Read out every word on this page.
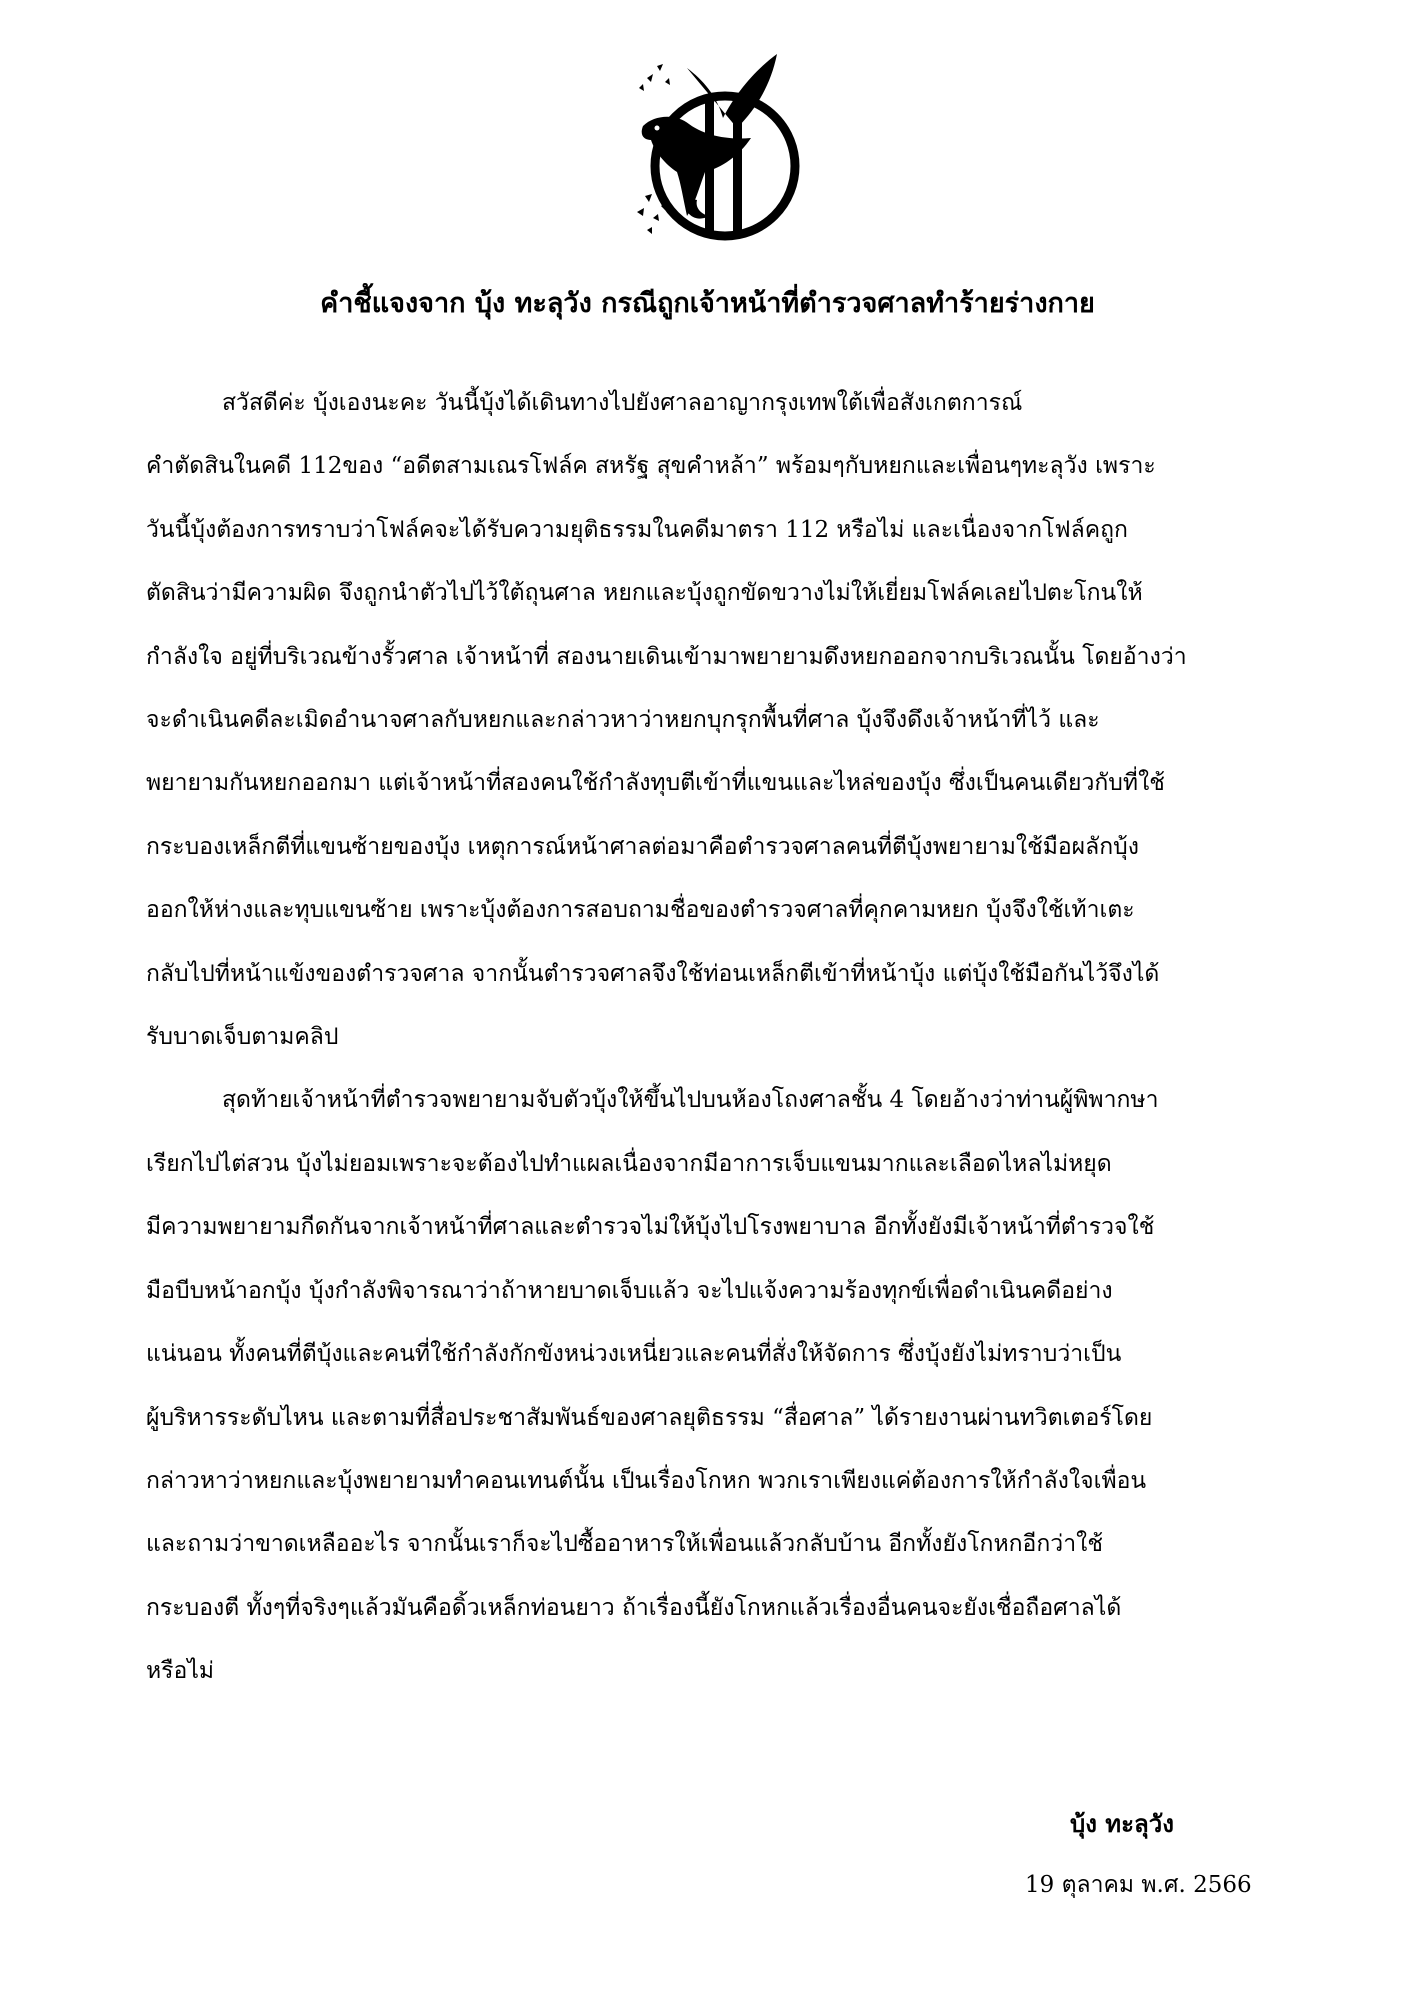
คำชี้แจงจาก บุ้ง ทะลุวัง กรณีถูกเจ้าหน้าที่ตำรวจศาลทำร้ายร่างกาย

สวัสดีค่ะ บุ้งเองนะคะ วันนี้บุ้งได้เดินทางไปยังศาลอาญากรุงเทพใต้เพื่อสังเกตการณ์
คำตัดสินในคดี 112ของ “อดีตสามเณรโฟล์ค สหรัฐ สุขคำหล้า” พร้อมๆกับหยกและเพื่อนๆทะลุวัง เพราะ
วันนี้บุ้งต้องการทราบว่าโฟล์คจะได้รับความยุติธรรมในคดีมาตรา 112 หรือไม่ และเนื่องจากโฟล์คถูก
ตัดสินว่ามีความผิด จึงถูกนำตัวไปไว้ใต้ถุนศาล หยกและบุ้งถูกขัดขวางไม่ให้เยี่ยมโฟล์คเลยไปตะโกนให้
กำลังใจ อยู่ที่บริเวณข้างรั้วศาล เจ้าหน้าที่ สองนายเดินเข้ามาพยายามดึงหยกออกจากบริเวณนั้น โดยอ้างว่า
จะดำเนินคดีละเมิดอำนาจศาลกับหยกและกล่าวหาว่าหยกบุกรุกพื้นที่ศาล บุ้งจึงดึงเจ้าหน้าที่ไว้ และ
พยายามกันหยกออกมา แต่เจ้าหน้าที่สองคนใช้กำลังทุบตีเข้าที่แขนและไหล่ของบุ้ง ซึ่งเป็นคนเดียวกับที่ใช้
กระบองเหล็กตีที่แขนซ้ายของบุ้ง เหตุการณ์หน้าศาลต่อมาคือตำรวจศาลคนที่ตีบุ้งพยายามใช้มือผลักบุ้ง
ออกให้ห่างและทุบแขนซ้าย เพราะบุ้งต้องการสอบถามชื่อของตำรวจศาลที่คุกคามหยก บุ้งจึงใช้เท้าเตะ
กลับไปที่หน้าแข้งของตำรวจศาล จากนั้นตำรวจศาลจึงใช้ท่อนเหล็กตีเข้าที่หน้าบุ้ง แต่บุ้งใช้มือกันไว้จึงได้
รับบาดเจ็บตามคลิป

สุดท้ายเจ้าหน้าที่ตำรวจพยายามจับตัวบุ้งให้ขึ้นไปบนห้องโถงศาลชั้น 4 โดยอ้างว่าท่านผู้พิพากษา
เรียกไปไต่สวน บุ้งไม่ยอมเพราะจะต้องไปทำแผลเนื่องจากมีอาการเจ็บแขนมากและเลือดไหลไม่หยุด
มีความพยายามกีดกันจากเจ้าหน้าที่ศาลและตำรวจไม่ให้บุ้งไปโรงพยาบาล อีกทั้งยังมีเจ้าหน้าที่ตำรวจใช้
มือบีบหน้าอกบุ้ง บุ้งกำลังพิจารณาว่าถ้าหายบาดเจ็บแล้ว จะไปแจ้งความร้องทุกข์เพื่อดำเนินคดีอย่าง
แน่นอน ทั้งคนที่ตีบุ้งและคนที่ใช้กำลังกักขังหน่วงเหนี่ยวและคนที่สั่งให้จัดการ ซึ่งบุ้งยังไม่ทราบว่าเป็น
ผู้บริหารระดับไหน และตามที่สื่อประชาสัมพันธ์ของศาลยุติธรรม “สื่อศาล” ได้รายงานผ่านทวิตเตอร์โดย
กล่าวหาว่าหยกและบุ้งพยายามทำคอนเทนต์นั้น เป็นเรื่องโกหก พวกเราเพียงแค่ต้องการให้กำลังใจเพื่อน
และถามว่าขาดเหลืออะไร จากนั้นเราก็จะไปซื้ออาหารให้เพื่อนแล้วกลับบ้าน อีกทั้งยังโกหกอีกว่าใช้
กระบองตี ทั้งๆที่จริงๆแล้วมันคือดิ้วเหล็กท่อนยาว ถ้าเรื่องนี้ยังโกหกแล้วเรื่องอื่นคนจะยังเชื่อถือศาลได้
หรือไม่

บุ้ง ทะลุวัง

19 ตุลาคม พ.ศ. 2566
